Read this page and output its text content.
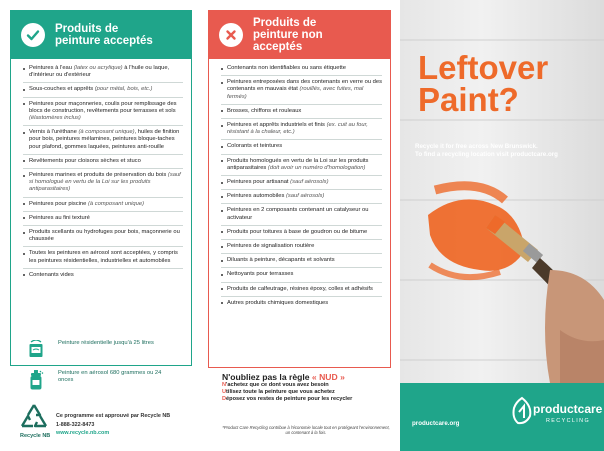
Produits de peinture acceptés
Peintures à l'eau (latex ou acrylique) à l'huile ou laque, d'intérieur ou d'extérieur
Sous-couches et apprêts (pour métal, bois, etc.)
Peintures pour maçonneries, coulis pour remplissage des blocs de construction, revêtements pour terrasses et sols (élastomères inclus)
Vernis à l'uréthane (à composant unique), huiles de finition pour bois, peintures mélamines, peintures bloque-taches pour plafond, gommes laquées, peintures anti-rouille
Revêtements pour cloisons sèches et stuco
Peintures marines et produits de préservation du bois (sauf si homologué en vertu de la Loi sur les produits antiparasitaires)
Peintures pour piscine (à composant unique)
Peintures au fini texturé
Produits scellants ou hydrofuges pour bois, maçonnerie ou chaussée
Toutes les peintures en aérosol sont acceptées, y compris les peintures résidentielles, industrielles et automobiles
Contenants vides
Peinture résidentielle jusqu'à 25 litres
Peinture en aérosol 680 grammes ou 24 onces
Produits de peinture non acceptés
Contenants non identifiables ou sans étiquette
Peintures entreposées dans des contenants en verre ou des contenants en mauvais état (rouillés, avec fuites, mal fermés)
Brosses, chiffons et rouleaux
Peintures et apprêts industriels et finis (ex. cuit au four, résistant à la chaleur, etc.)
Colorants et teintures
Produits homologués en vertu de la Loi sur les produits antiparasitaires (doit avoir un numéro d'homologation)
Peintures pour artisanat (sauf aérosols)
Peintures automobiles (sauf aérosols)
Peintures en 2 composants contenant un catalyseur ou activateur
Produits pour toitures à base de goudron ou de bitume
Peintures de signalisation routière
Diluants à peinture, décapants et solvants
Nettoyants pour terrasses
Produits de calfeutrage, résines époxy, colles et adhésifs
Autres produits chimiques domestiques
N'oubliez pas la règle « NUD »
N'achetez que ce dont vous avez besoin
Utilisez toute la peinture que vous achetez
Déposez vos restes de peinture pour les recycler
*Product Care Recycling contribue à l'économie locale tout en protégeant l'environnement, un contenant à la fois.
Recycle NB
Ce programme est approuvé par Recycle NB
1-888-322-8473
www.recycle.nb.com
Leftover
Paint?
Recycle it for free across New Brunswick.
To find a recycling location visit productcare.org
productcare.org
productcare
RECYCLING
